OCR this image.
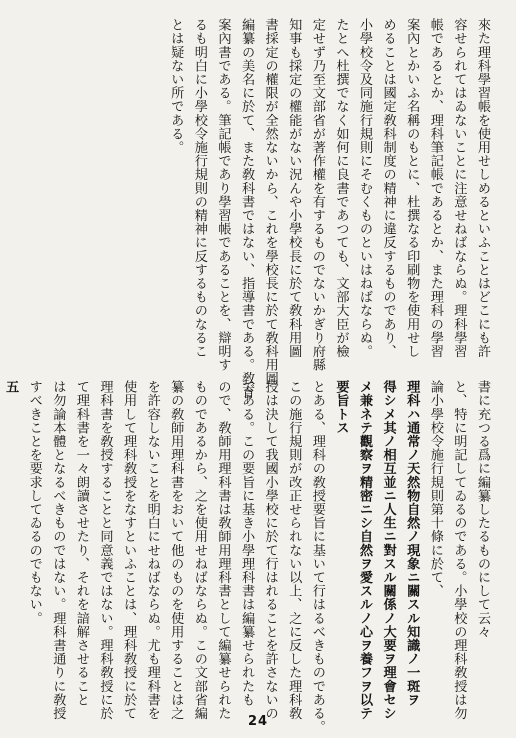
來た理科學習帳を使用せしめるといふことはどこにも許
容せられてはゐないことに注意せねばならぬ。理科學習
帳であるとか、理科筆記帳であるとか、また理科の學習
案內とかいふ名稱のもとに、杜撰なる印刷物を使用せし
めることは國定敎科制度の精神に違反するものであり、
小學校令及同施行規則にそむくものといはねばならぬ。
たとへ杜撰でなく如何に良書であつても、文部大臣が檢
定せず乃至文部省が著作權を有するものでないかぎり府縣
知事も採定の權能がない況んや小學校長に於て敎科用圖
書採定の權限が全然ないから、これを學校長に於て敎科用圖
編纂の美名に於て、また敎科書ではない、指導書である。敎育
案內書である。筆記帳であり學習帳であることを、辯明す
るも明白に小學校令施行規則の精神に反するものなるこ
とは疑ない所である。
書に充つる爲に編纂したるものにして云々
と、特に明記してゐるのである。小學校の理科敎授は勿
論小學校令施行規則第十條に於て、
理科ハ通常ノ天然物自然ノ現象ニ關スル知識ノ一斑ヲ
得シメ其ノ相互並ニ人生ニ對スル關係ノ大要ヲ理會セシ
メ兼ネテ觀察ヲ精密ニシ自然ヲ愛スルノ心ヲ養フヲ以テ
要旨トス
とある、理科の敎授要旨に基いて行はるべきものである。
この施行規則が改正せられない以上、之に反した理科敎
授は決して我國小學校に於て行はれることを許さないの
である。この要旨に基き小學理科書は編纂せられたも
ので、敎師用理科書は敎師用理科書として編纂せられた
ものであるから、之を使用せねばならぬ。この文部省編
纂の敎師用理科書をおいて他のものを使用することは之
を許容しないことを明白にせねばならぬ。尤も理科書を
使用して理科敎授をなすといふことは、理科敎授に於て
理科書を敎授することと同意義ではない。理科敎授に於
て理科書を一々朗讀させたり、それを諳解させること
は勿論本體となるべきものではない。理科書通りに敎授
すべきことを要求してゐるのでもない。
五
24
